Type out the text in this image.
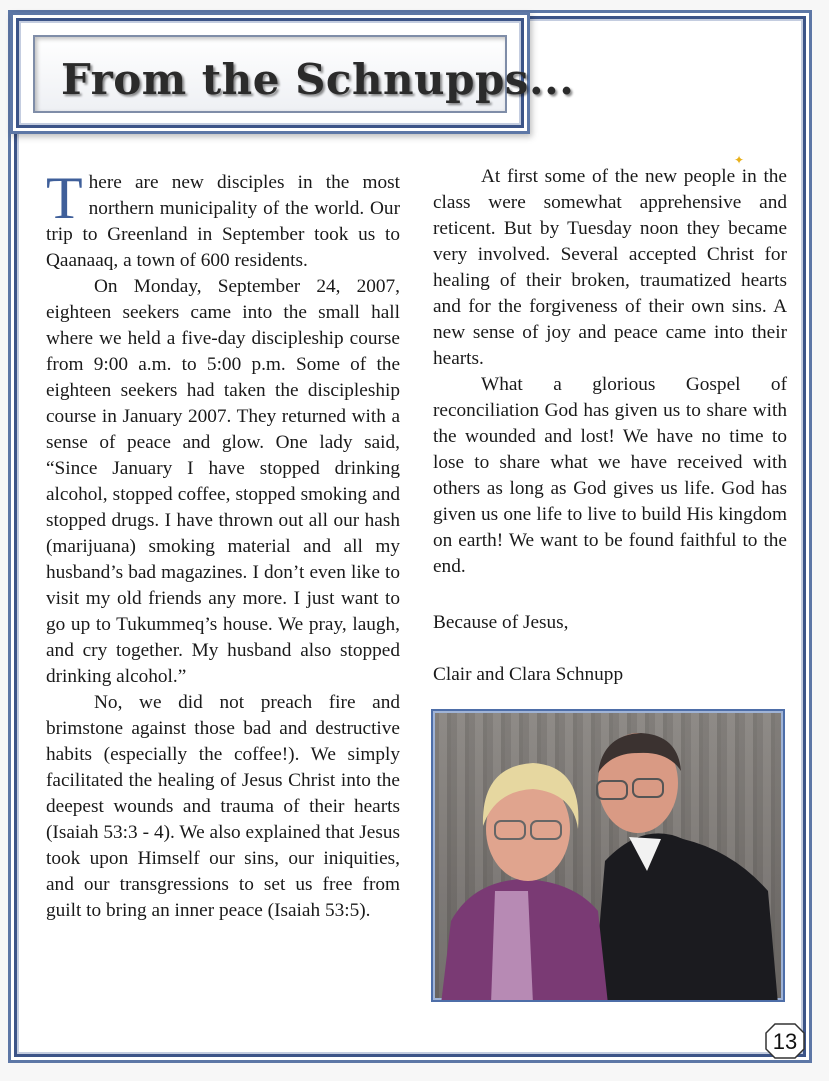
From the Schnupps...
✦

There are new disciples in the most northern municipality of the world. Our trip to Greenland in September took us to Qaanaaq, a town of 600 residents.

On Monday, September 24, 2007, eighteen seekers came into the small hall where we held a five-day discipleship course from 9:00 a.m. to 5:00 p.m. Some of the eighteen seekers had taken the discipleship course in January 2007. They returned with a sense of peace and glow. One lady said, “Since January I have stopped drinking alcohol, stopped coffee, stopped smoking and stopped drugs. I have thrown out all our hash (marijuana) smoking material and all my husband’s bad magazines. I don’t even like to visit my old friends any more. I just want to go up to Tukummeq’s house. We pray, laugh, and cry together. My husband also stopped drinking alcohol.”

No, we did not preach fire and brimstone against those bad and destructive habits (especially the coffee!). We simply facilitated the healing of Jesus Christ into the deepest wounds and trauma of their hearts (Isaiah 53:3 - 4). We also explained that Jesus took upon Himself our sins, our iniquities, and our transgressions to set us free from guilt to bring an inner peace (Isaiah 53:5).

At first some of the new people in the class were somewhat apprehensive and reticent. But by Tuesday noon they became very involved. Several accepted Christ for healing of their broken, traumatized hearts and for the forgiveness of their own sins. A new sense of joy and peace came into their hearts.

What a glorious Gospel of reconciliation God has given us to share with the wounded and lost! We have no time to lose to share what we have received with others as long as God gives us life. God has given us one life to live to build His kingdom on earth! We want to be found faithful to the end.

Because of Jesus,
Clair and Clara Schnupp
13
